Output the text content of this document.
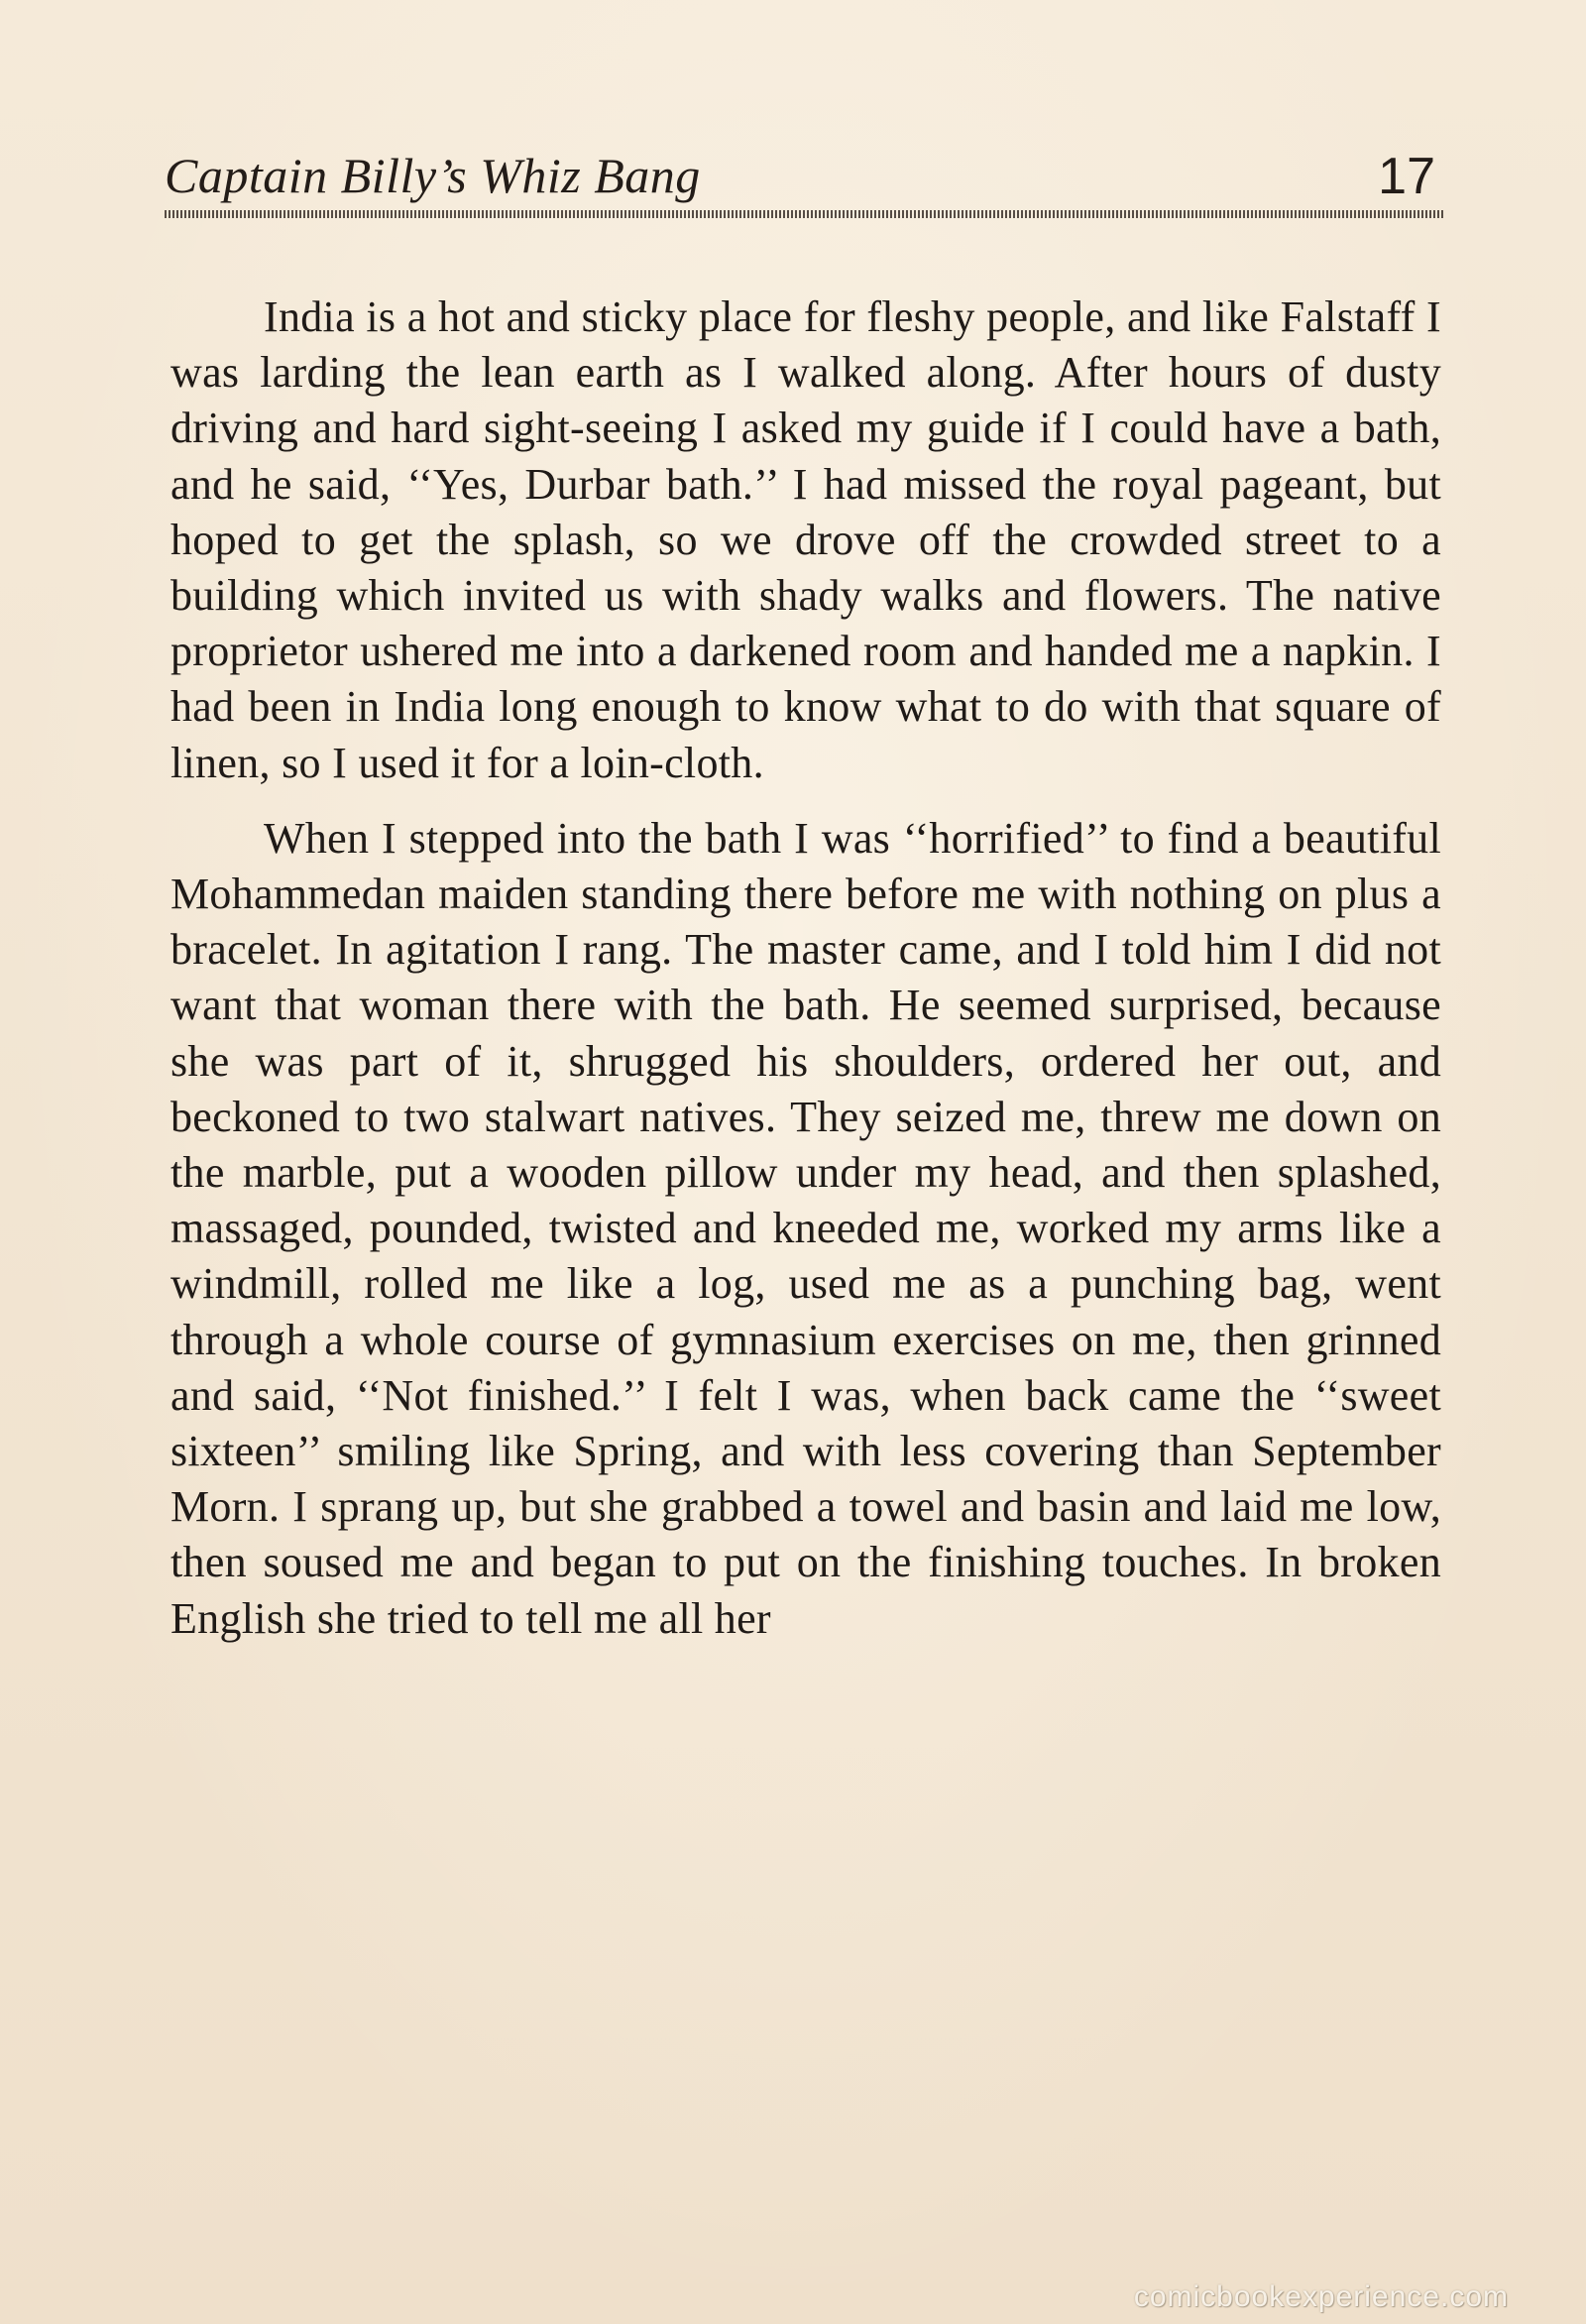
Captain Billy’s Whiz Bang	17

India is a hot and sticky place for fleshy people, and like Falstaff I was larding the lean earth as I walked along. After hours of dusty driving and hard sight-seeing I asked my guide if I could have a bath, and he said, ‘‘Yes, Durbar bath.’’ I had missed the royal pageant, but hoped to get the splash, so we drove off the crowded street to a building which invited us with shady walks and flowers. The native proprietor ushered me into a darkened room and handed me a napkin. I had been in India long enough to know what to do with that square of linen, so I used it for a loin-cloth.

When I stepped into the bath I was ‘‘horrified’’ to find a beautiful Mohammedan maiden standing there before me with nothing on plus a bracelet. In agitation I rang. The master came, and I told him I did not want that woman there with the bath. He seemed surprised, because she was part of it, shrugged his shoulders, ordered her out, and beckoned to two stalwart natives. They seized me, threw me down on the marble, put a wooden pillow under my head, and then splashed, massaged, pounded, twisted and kneeded me, worked my arms like a windmill, rolled me like a log, used me as a punching bag, went through a whole course of gymnasium exercises on me, then grinned and said, ‘‘Not finished.’’ I felt I was, when back came the ‘‘sweet sixteen’’ smiling like Spring, and with less covering than September Morn. I sprang up, but she grabbed a towel and basin and laid me low, then soused me and began to put on the finishing touches. In broken English she tried to tell me all her

comicbookexperience.com
